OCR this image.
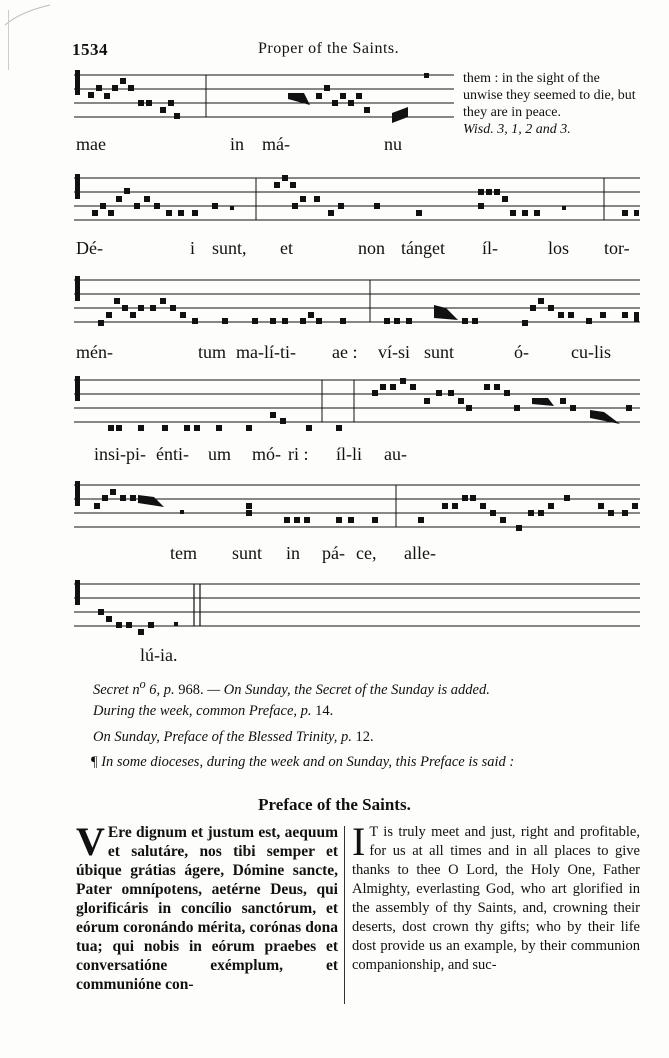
1534	Proper of the Saints.
mae	in má-	nu
them : in the sight of the unwise they seemed to die, but they are in peace.
Wisd. 3, 1, 2 and 3.
Dé-	i sunt, et	non tánget íl-	los tor-
mén-	tum ma-lí-ti- ae : ví-si sunt	ó- cu-lis
insi-pi- énti- um mó- ri : íl-li au-
tem sunt in pá- ce, alle-
lú-ia.
Secret $n^o$ 6, p. 968. — On Sunday, the Secret of the Sunday is added.
During the week, common Preface, p. 14.
On Sunday, Preface of the Blessed Trinity, p. 12.
¶ In some dioceses, during the week and on Sunday, this Preface is said :
Preface of the Saints.
V Ere dignum et justum est, aequum et salutáre, nos tibi semper et úbique grátias ágere, Dómine sancte, Pater omnípotens, aetérne Deus, qui glorificáris in concílio sanctórum, et eórum coronándo mérita, corónas dona tua; qui nobis in eórum praebes et conversatióne exémplum, et communióne con-
I T is truly meet and just, right and profitable, for us at all times and in all places to give thanks to thee O Lord, the Holy One, Father Almighty, everlasting God, who art glorified in the assembly of thy Saints, and, crowning their deserts, dost crown thy gifts; who by their life dost provide us an example, by their communion companionship, and suc-
